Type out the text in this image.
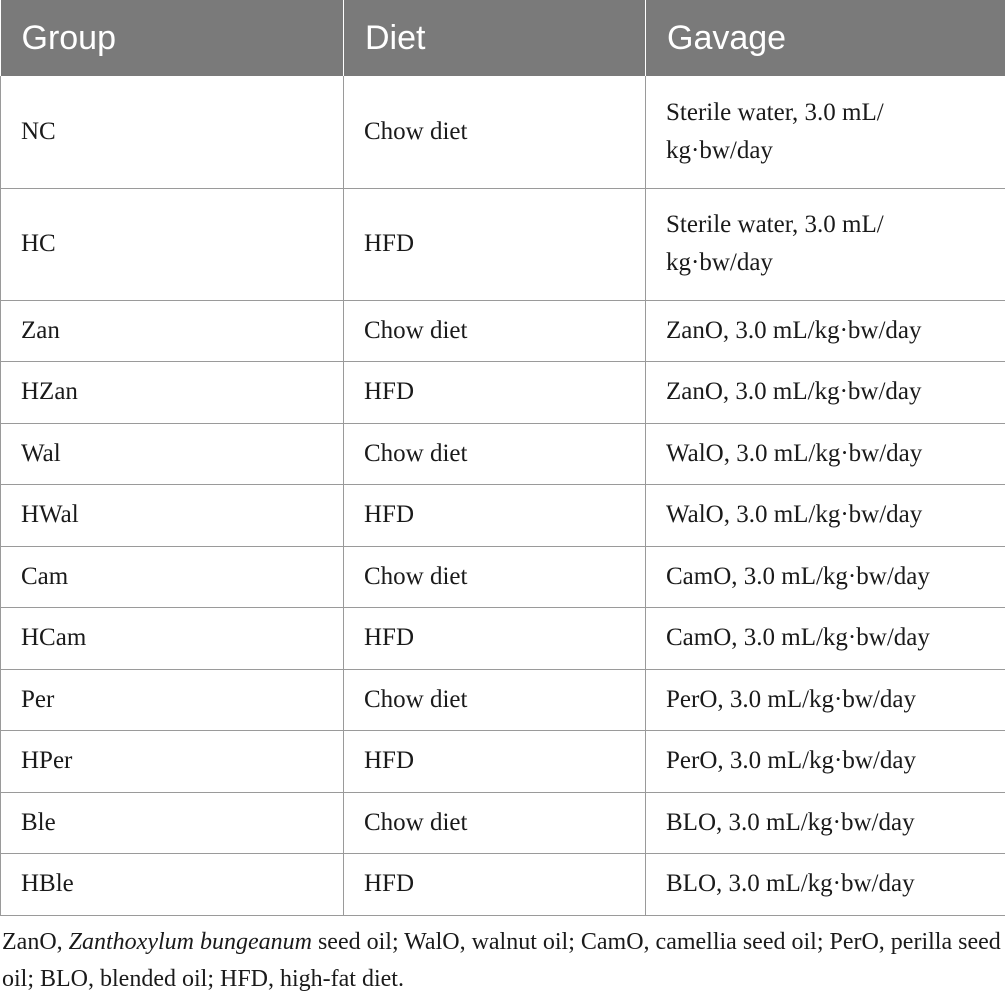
Group	Diet	Gavage
NC	Chow diet	Sterile water, 3.0 mL/ kg·bw/day
HC	HFD	Sterile water, 3.0 mL/ kg·bw/day
Zan	Chow diet	ZanO, 3.0 mL/kg·bw/day
HZan	HFD	ZanO, 3.0 mL/kg·bw/day
Wal	Chow diet	WalO, 3.0 mL/kg·bw/day
HWal	HFD	WalO, 3.0 mL/kg·bw/day
Cam	Chow diet	CamO, 3.0 mL/kg·bw/day
HCam	HFD	CamO, 3.0 mL/kg·bw/day
Per	Chow diet	PerO, 3.0 mL/kg·bw/day
HPer	HFD	PerO, 3.0 mL/kg·bw/day
Ble	Chow diet	BLO, 3.0 mL/kg·bw/day
HBle	HFD	BLO, 3.0 mL/kg·bw/day
ZanO, Zanthoxylum bungeanum seed oil; WalO, walnut oil; CamO, camellia seed oil; PerO, perilla seed oil; BLO, blended oil; HFD, high-fat diet.
